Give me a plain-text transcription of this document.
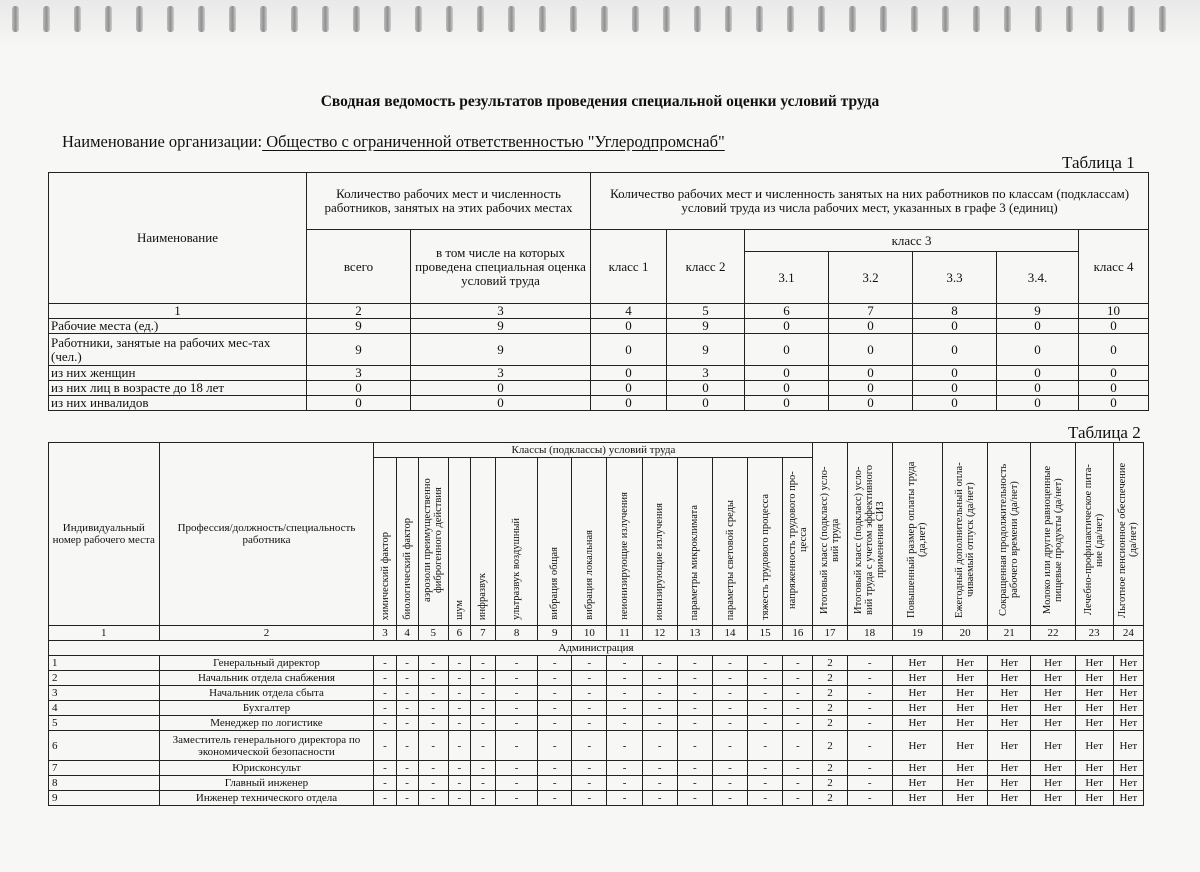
Сводная ведомость результатов проведения специальной оценки условий труда
Наименование организации: Общество с ограниченной ответственностью "Углеродпромснаб"
Таблица 1
Наименование	Количество рабочих мест и численность работников, занятых на этих рабочих местах		Количество рабочих мест и численность занятых на них работников по классам (подклассам) условий труда из числа рабочих мест, указанных в графе 3 (единиц)						
	всего	в том числе на которых проведена специальная оценка условий труда	класс 1	класс 2	класс 3				класс 4
					3.1	3.2	3.3	3.4.	
1	2	3	4	5	6	7	8	9	10
Рабочие места (ед.)	9	9	0	9	0	0	0	0	0
Работники, занятые на рабочих мес-тах (чел.)	9	9	0	9	0	0	0	0	0
из них женщин	3	3	0	3	0	0	0	0	0
из них лиц в возрасте до 18 лет	0	0	0	0	0	0	0	0	0
из них инвалидов	0	0	0	0	0	0	0	0	0
Таблица 2
Индивидуальный номер рабочего места	Профессия/должность/специальность работника	Классы (подклассы) условий труда														Итоговый класс (подкласс) усло-вий труда	Итоговый класс (подкласс) усло-вий труда с учетом эффективного применения СИЗ	Повышенный размер оплаты труда (да,нет)	Ежегодный дополнительный опла-чиваемый отпуск (да/нет)	Сокращенная продолжительность рабочего времени (да/нет)	Молоко или другие равноценные пищевые продукты (да/нет)	Лечебно-профилактическое пита-ние (да/нет)	Льготное пенсионное обеспечение (да/нет)
		химический фактор	биологический фактор	аэрозоли преимущественно фиброгенного действия	шум	инфразвук	ультразвук воздушный	вибрация общая	вибрация локальная	неионизирующие излучения	ионизирующие излучения	параметры микроклимата	параметры световой среды	тяжесть трудового процесса	напряженность трудового про-цесса								
1	2	3	4	5	6	7	8	9	10	11	12	13	14	15	16	17	18	19	20	21	22	23	24
Администрация																							
1	Генеральный директор	-	-	-	-	-	-	-	-	-	-	-	-	-	-	2	-	Нет	Нет	Нет	Нет	Нет	Нет
2	Начальник отдела снабжения	-	-	-	-	-	-	-	-	-	-	-	-	-	-	2	-	Нет	Нет	Нет	Нет	Нет	Нет
3	Начальник отдела сбыта	-	-	-	-	-	-	-	-	-	-	-	-	-	-	2	-	Нет	Нет	Нет	Нет	Нет	Нет
4	Бухгалтер	-	-	-	-	-	-	-	-	-	-	-	-	-	-	2	-	Нет	Нет	Нет	Нет	Нет	Нет
5	Менеджер по логистике	-	-	-	-	-	-	-	-	-	-	-	-	-	-	2	-	Нет	Нет	Нет	Нет	Нет	Нет
6	Заместитель генерального директора по экономической безопасности	-	-	-	-	-	-	-	-	-	-	-	-	-	-	2	-	Нет	Нет	Нет	Нет	Нет	Нет
7	Юрисконсульт	-	-	-	-	-	-	-	-	-	-	-	-	-	-	2	-	Нет	Нет	Нет	Нет	Нет	Нет
8	Главный инженер	-	-	-	-	-	-	-	-	-	-	-	-	-	-	2	-	Нет	Нет	Нет	Нет	Нет	Нет
9	Инженер технического отдела	-	-	-	-	-	-	-	-	-	-	-	-	-	-	2	-	Нет	Нет	Нет	Нет	Нет	Нет
